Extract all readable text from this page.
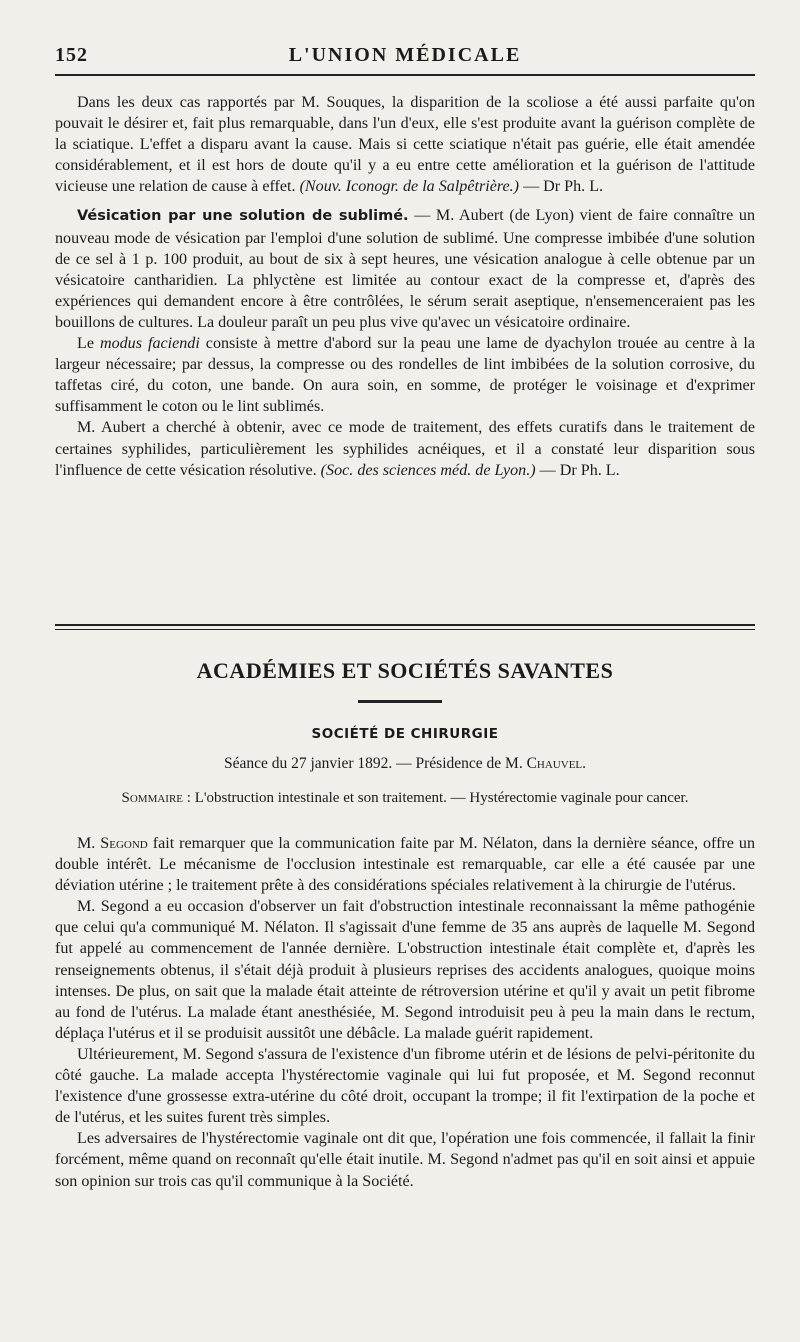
152	L'UNION MÉDICALE

Dans les deux cas rapportés par M. Souques, la disparition de la scoliose a été aussi parfaite qu'on pouvait le désirer et, fait plus remarquable, dans l'un d'eux, elle s'est produite avant la guérison complète de la sciatique. L'effet a disparu avant la cause. Mais si cette sciatique n'était pas guérie, elle était amendée considérablement, et il est hors de doute qu'il y a eu entre cette amélioration et la guérison de l'attitude vicieuse une relation de cause à effet. (Nouv. Iconogr. de la Salpêtrière.) — Dr Ph. L.

Vésication par une solution de sublimé. — M. Aubert (de Lyon) vient de faire connaître un nouveau mode de vésication par l'emploi d'une solution de sublimé. Une compresse imbibée d'une solution de ce sel à 1 p. 100 produit, au bout de six à sept heures, une vésication analogue à celle obtenue par un vésicatoire cantharidien. La phlyctène est limitée au contour exact de la compresse et, d'après des expériences qui demandent encore à être contrôlées, le sérum serait aseptique, n'ensemenceraient pas les bouillons de cultures. La douleur paraît un peu plus vive qu'avec un vésicatoire ordinaire.

Le modus faciendi consiste à mettre d'abord sur la peau une lame de dyachylon trouée au centre à la largeur nécessaire; par dessus, la compresse ou des rondelles de lint imbibées de la solution corrosive, du taffetas ciré, du coton, une bande. On aura soin, en somme, de protéger le voisinage et d'exprimer suffisamment le coton ou le lint sublimés.

M. Aubert a cherché à obtenir, avec ce mode de traitement, des effets curatifs dans le traitement de certaines syphilides, particulièrement les syphilides acnéiques, et il a constaté leur disparition sous l'influence de cette vésication résolutive. (Soc. des sciences méd. de Lyon.) — Dr Ph. L.

ACADÉMIES ET SOCIÉTÉS SAVANTES
SOCIÉTÉ DE CHIRURGIE
Séance du 27 janvier 1892. — Présidence de M. Chauvel.
Sommaire : L'obstruction intestinale et son traitement. — Hystérectomie vaginale pour cancer.

M. Segond fait remarquer que la communication faite par M. Nélaton, dans la dernière séance, offre un double intérêt. Le mécanisme de l'occlusion intestinale est remarquable, car elle a été causée par une déviation utérine ; le traitement prête à des considérations spéciales relativement à la chirurgie de l'utérus.

M. Segond a eu occasion d'observer un fait d'obstruction intestinale reconnaissant la même pathogénie que celui qu'a communiqué M. Nélaton. Il s'agissait d'une femme de 35 ans auprès de laquelle M. Segond fut appelé au commencement de l'année dernière. L'obstruction intestinale était complète et, d'après les renseignements obtenus, il s'était déjà produit à plusieurs reprises des accidents analogues, quoique moins intenses. De plus, on sait que la malade était atteinte de rétroversion utérine et qu'il y avait un petit fibrome au fond de l'utérus. La malade étant anesthésiée, M. Segond introduisit peu à peu la main dans le rectum, déplaça l'utérus et il se produisit aussitôt une débâcle. La malade guérit rapidement.

Ultérieurement, M. Segond s'assura de l'existence d'un fibrome utérin et de lésions de pelvi-péritonite du côté gauche. La malade accepta l'hystérectomie vaginale qui lui fut proposée, et M. Segond reconnut l'existence d'une grossesse extra-utérine du côté droit, occupant la trompe; il fit l'extirpation de la poche et de l'utérus, et les suites furent très simples.

Les adversaires de l'hystérectomie vaginale ont dit que, l'opération une fois commencée, il fallait la finir forcément, même quand on reconnaît qu'elle était inutile. M. Segond n'admet pas qu'il en soit ainsi et appuie son opinion sur trois cas qu'il communique à la Société.
